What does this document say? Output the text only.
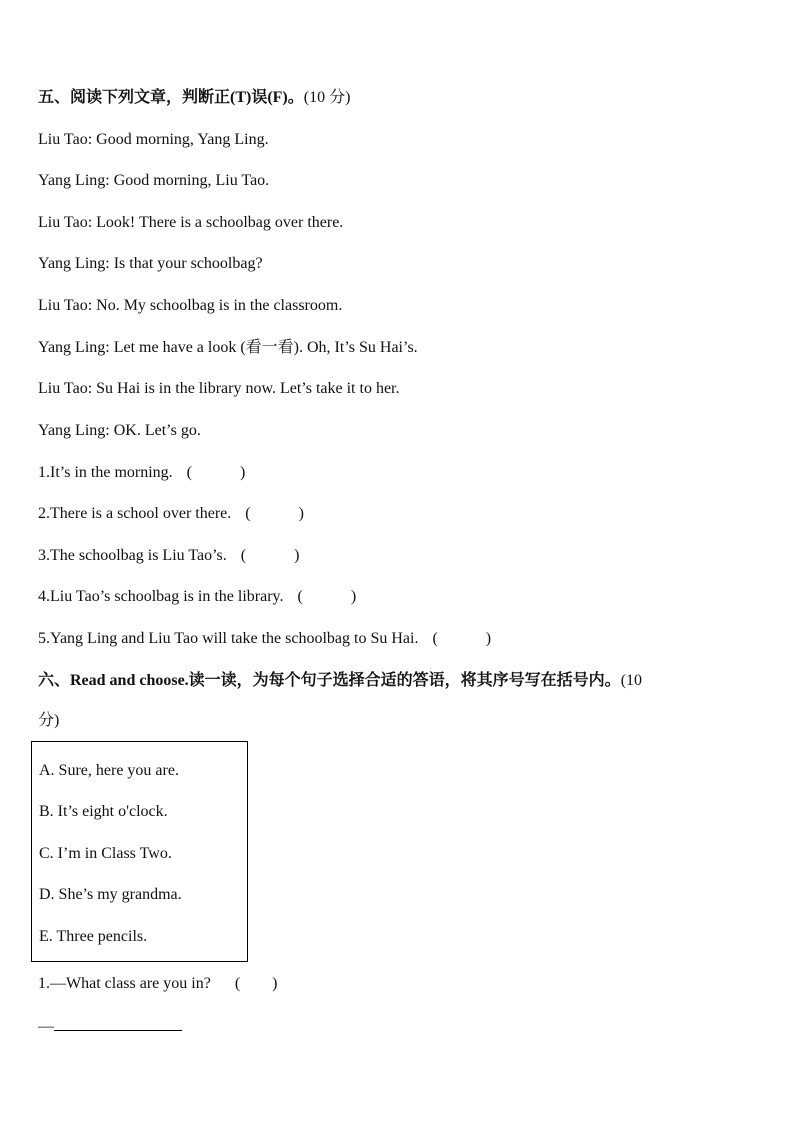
五、阅读下列文章，判断正(T)误(F)。(10 分)
Liu Tao: Good morning, Yang Ling.
Yang Ling: Good morning, Liu Tao.
Liu Tao: Look! There is a schoolbag over there.
Yang Ling: Is that your schoolbag?
Liu Tao: No. My schoolbag is in the classroom.
Yang Ling: Let me have a look (看一看). Oh, It’s Su Hai’s.
Liu Tao: Su Hai is in the library now. Let’s take it to her.
Yang Ling: OK. Let’s go.
1.It’s in the morning. (　　　)
2.There is a school over there. (　　　)
3.The schoolbag is Liu Tao’s. (　　　)
4.Liu Tao’s schoolbag is in the library. (　　　)
5.Yang Ling and Liu Tao will take the schoolbag to Su Hai. (　　　)
六、Read and choose.读一读，为每个句子选择合适的答语，将其序号写在括号内。(10
分)
A. Sure, here you are.
B. It’s eight o'clock.
C. I’m in Class Two.
D. She’s my grandma.
E. Three pencils.
1.—What class are you in? (　　)
—
